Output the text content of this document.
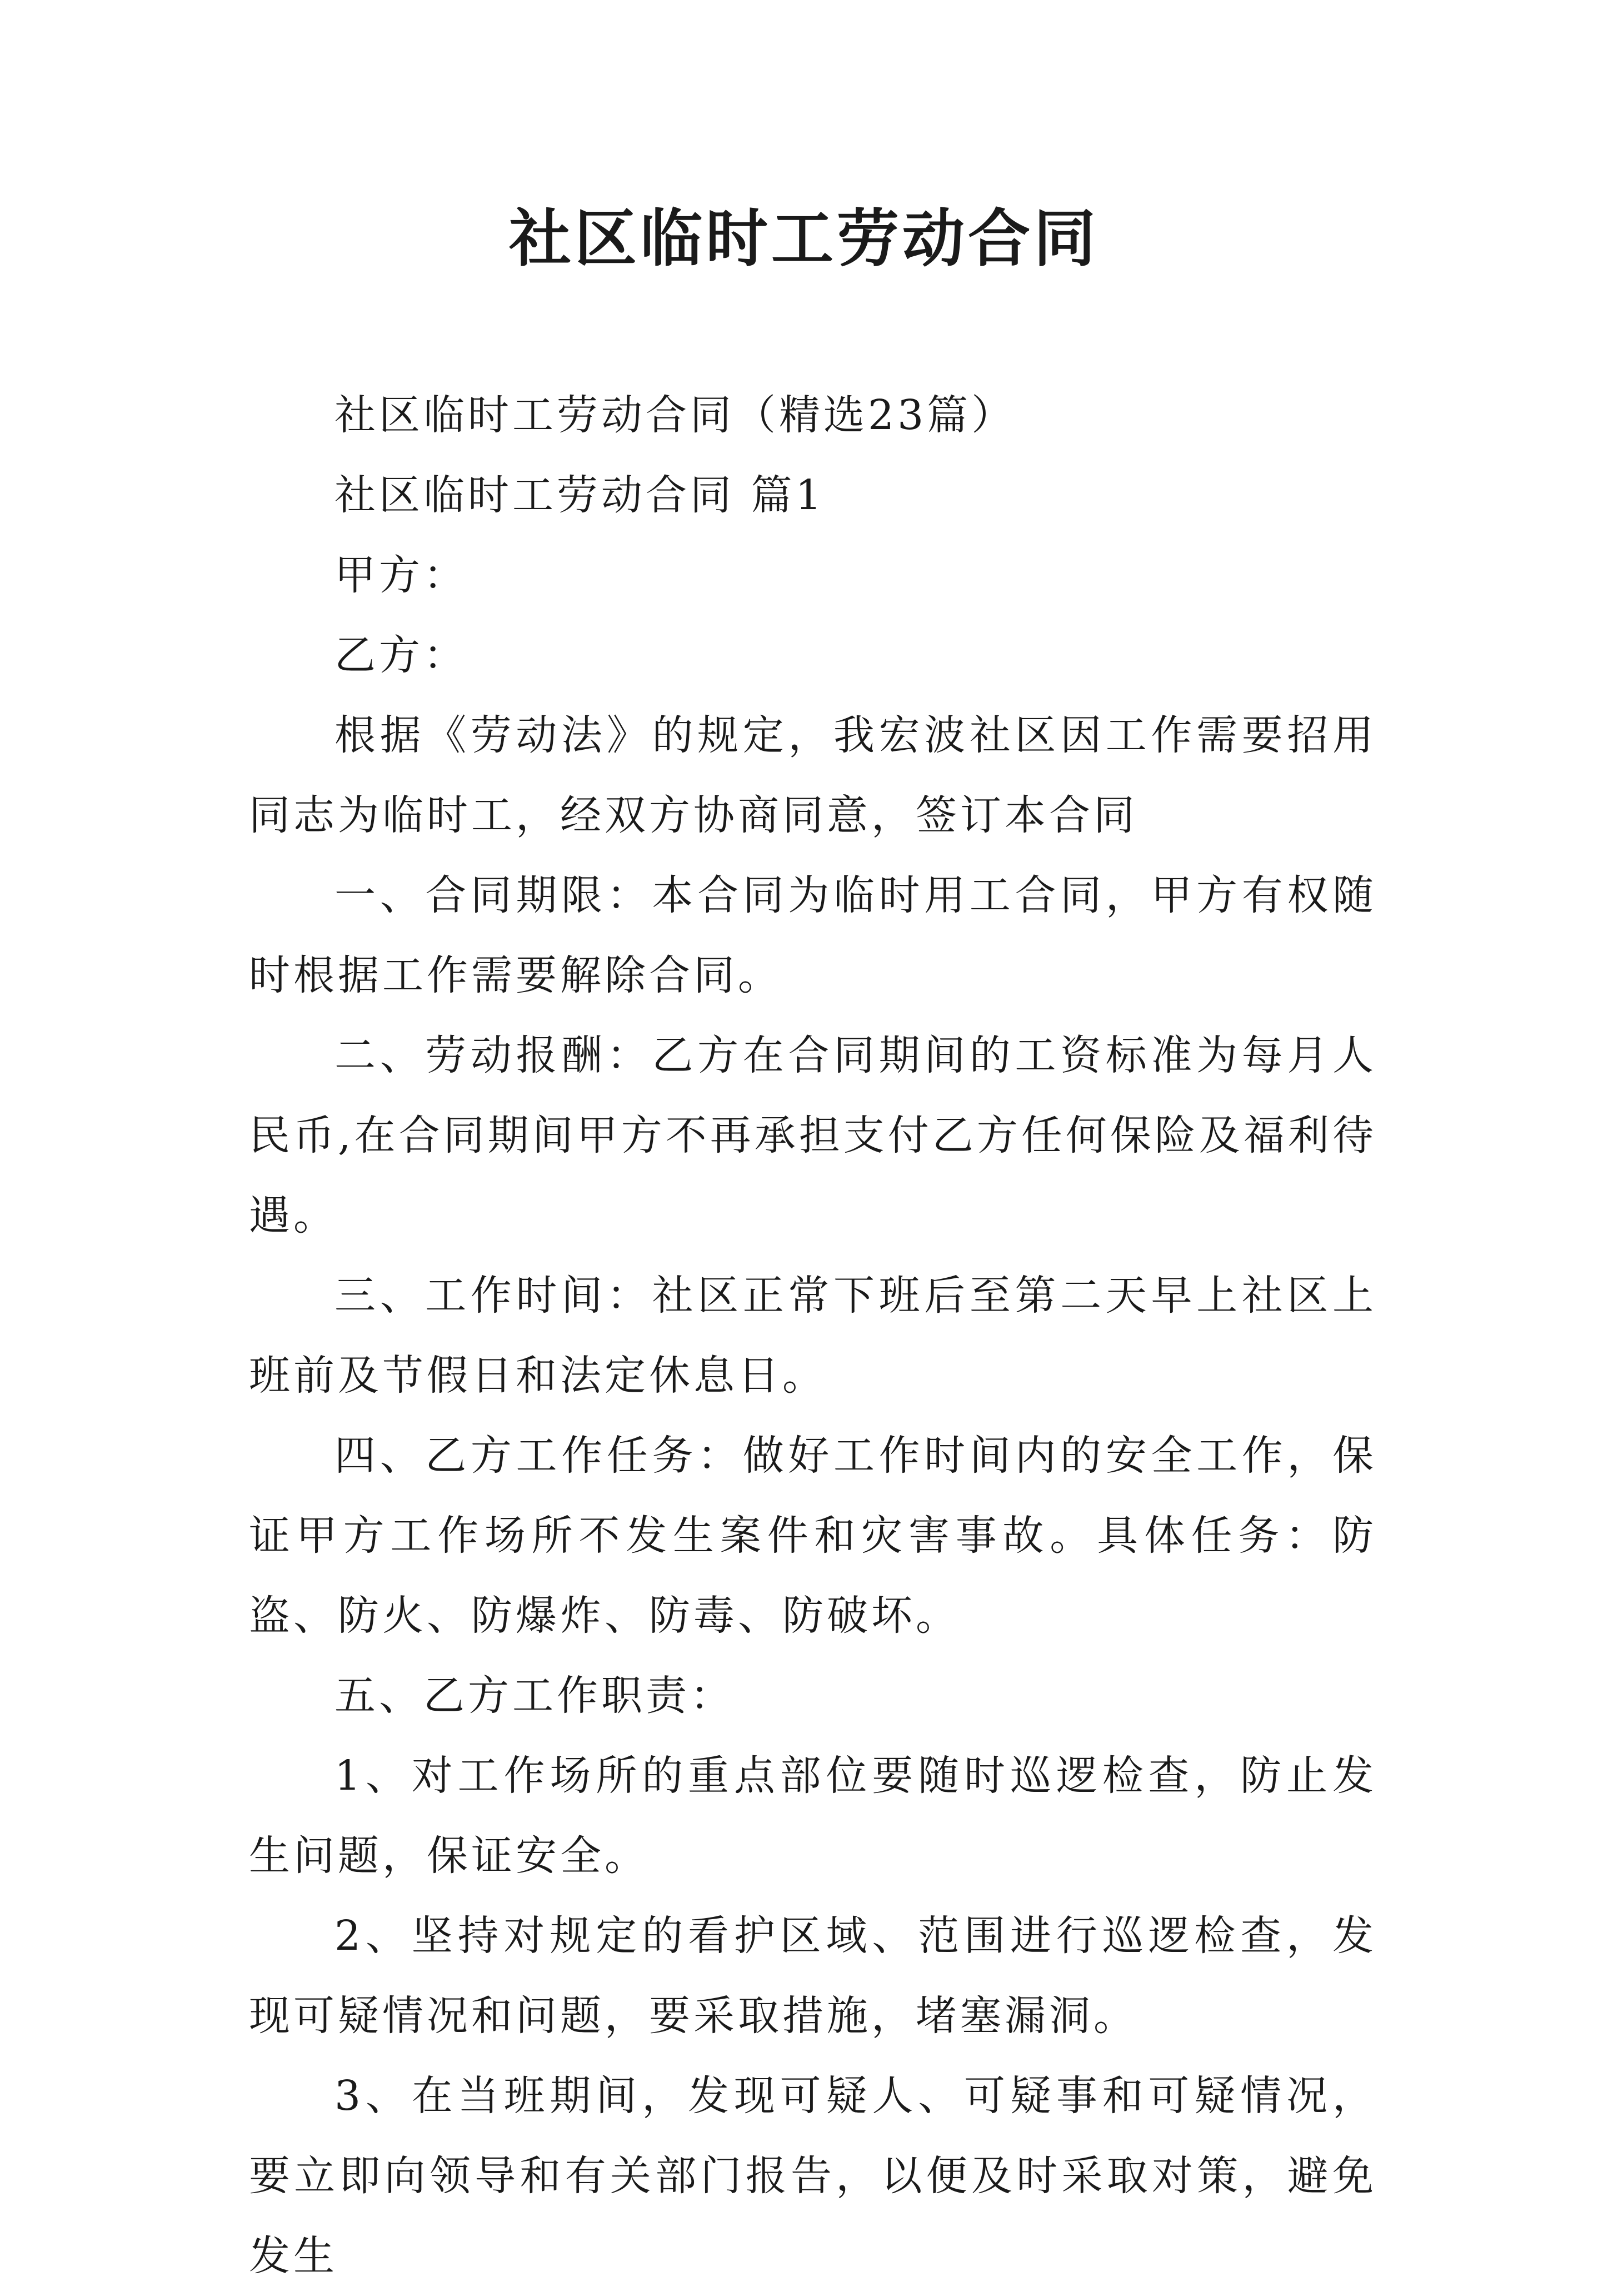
社区临时工劳动合同

社区临时工劳动合同（精选23篇）

社区临时工劳动合同 篇1

甲方：

乙方：

根据《劳动法》的规定，我宏波社区因工作需要招用同志为临时工，经双方协商同意，签订本合同

一、合同期限：本合同为临时用工合同，甲方有权随时根据工作需要解除合同。

二、劳动报酬：乙方在合同期间的工资标准为每月人民币,在合同期间甲方不再承担支付乙方任何保险及福利待遇。

三、工作时间：社区正常下班后至第二天早上社区上班前及节假日和法定休息日。

四、乙方工作任务：做好工作时间内的安全工作，保证甲方工作场所不发生案件和灾害事故。具体任务：防盗、防火、防爆炸、防毒、防破坏。

五、乙方工作职责：

1、对工作场所的重点部位要随时巡逻检查，防止发生问题，保证安全。

2、坚持对规定的看护区域、范围进行巡逻检查，发现可疑情况和问题，要采取措施，堵塞漏洞。

3、在当班期间，发现可疑人、可疑事和可疑情况，要立即向领导和有关部门报告，以便及时采取对策，避免发生
